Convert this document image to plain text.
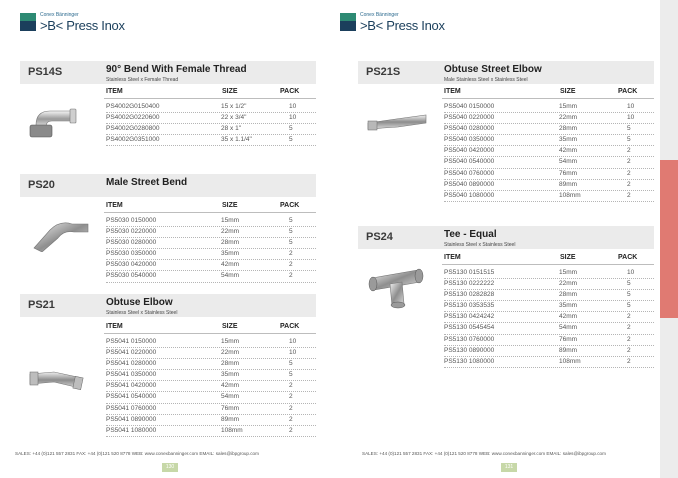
Conex Bänninger
>B< Press Inox
PS14S	90° Bend With Female Thread
Stainless Steel x Female Thread
ITEM	SIZE	PACK
PS4002G0150400	15 x 1/2"	10
PS4002G0220600	22 x 3/4"	10
PS4002G0280800	28 x 1"	5
PS4002G0351000	35 x 1.1/4"	5
PS20	Male Street Bend
ITEM	SIZE	PACK
PS5030 0150000	15mm	5
PS5030 0220000	22mm	5
PS5030 0280000	28mm	5
PS5030 0350000	35mm	2
PS5030 0420000	42mm	2
PS5030 0540000	54mm	2
PS21	Obtuse Elbow
Stainless Steel x Stainless Steel
ITEM	SIZE	PACK
PS5041 0150000	15mm	10
PS5041 0220000	22mm	10
PS5041 0280000	28mm	5
PS5041 0350000	35mm	5
PS5041 0420000	42mm	2
PS5041 0540000	54mm	2
PS5041 0760000	76mm	2
PS5041 0890000	89mm	2
PS5041 1080000	108mm	2
SALES: +44 (0)121 557 2831 FAX: +44 (0)121 520 8778 WEB: www.conexbanninger.com EMAIL: sales@ibpgroup.com
130
Conex Bänninger
>B< Press Inox
PS21S	Obtuse Street Elbow
Male Stainless Steel x Stainless Steel
ITEM	SIZE	PACK
PS5040 0150000	15mm	10
PS5040 0220000	22mm	10
PS5040 0280000	28mm	5
PS5040 0350000	35mm	5
PS5040 0420000	42mm	2
PS5040 0540000	54mm	2
PS5040 0760000	76mm	2
PS5040 0890000	89mm	2
PS5040 1080000	108mm	2
PS24	Tee - Equal
Stainless Steel x Stainless Steel
ITEM	SIZE	PACK
PS5130 0151515	15mm	10
PS5130 0222222	22mm	5
PS5130 0282828	28mm	5
PS5130 0353535	35mm	5
PS5130 0424242	42mm	2
PS5130 0545454	54mm	2
PS5130 0760000	76mm	2
PS5130 0890000	89mm	2
PS5130 1080000	108mm	2
SALES: +44 (0)121 557 2831 FAX: +44 (0)121 520 8778 WEB: www.conexbanninger.com EMAIL: sales@ibpgroup.com
131
